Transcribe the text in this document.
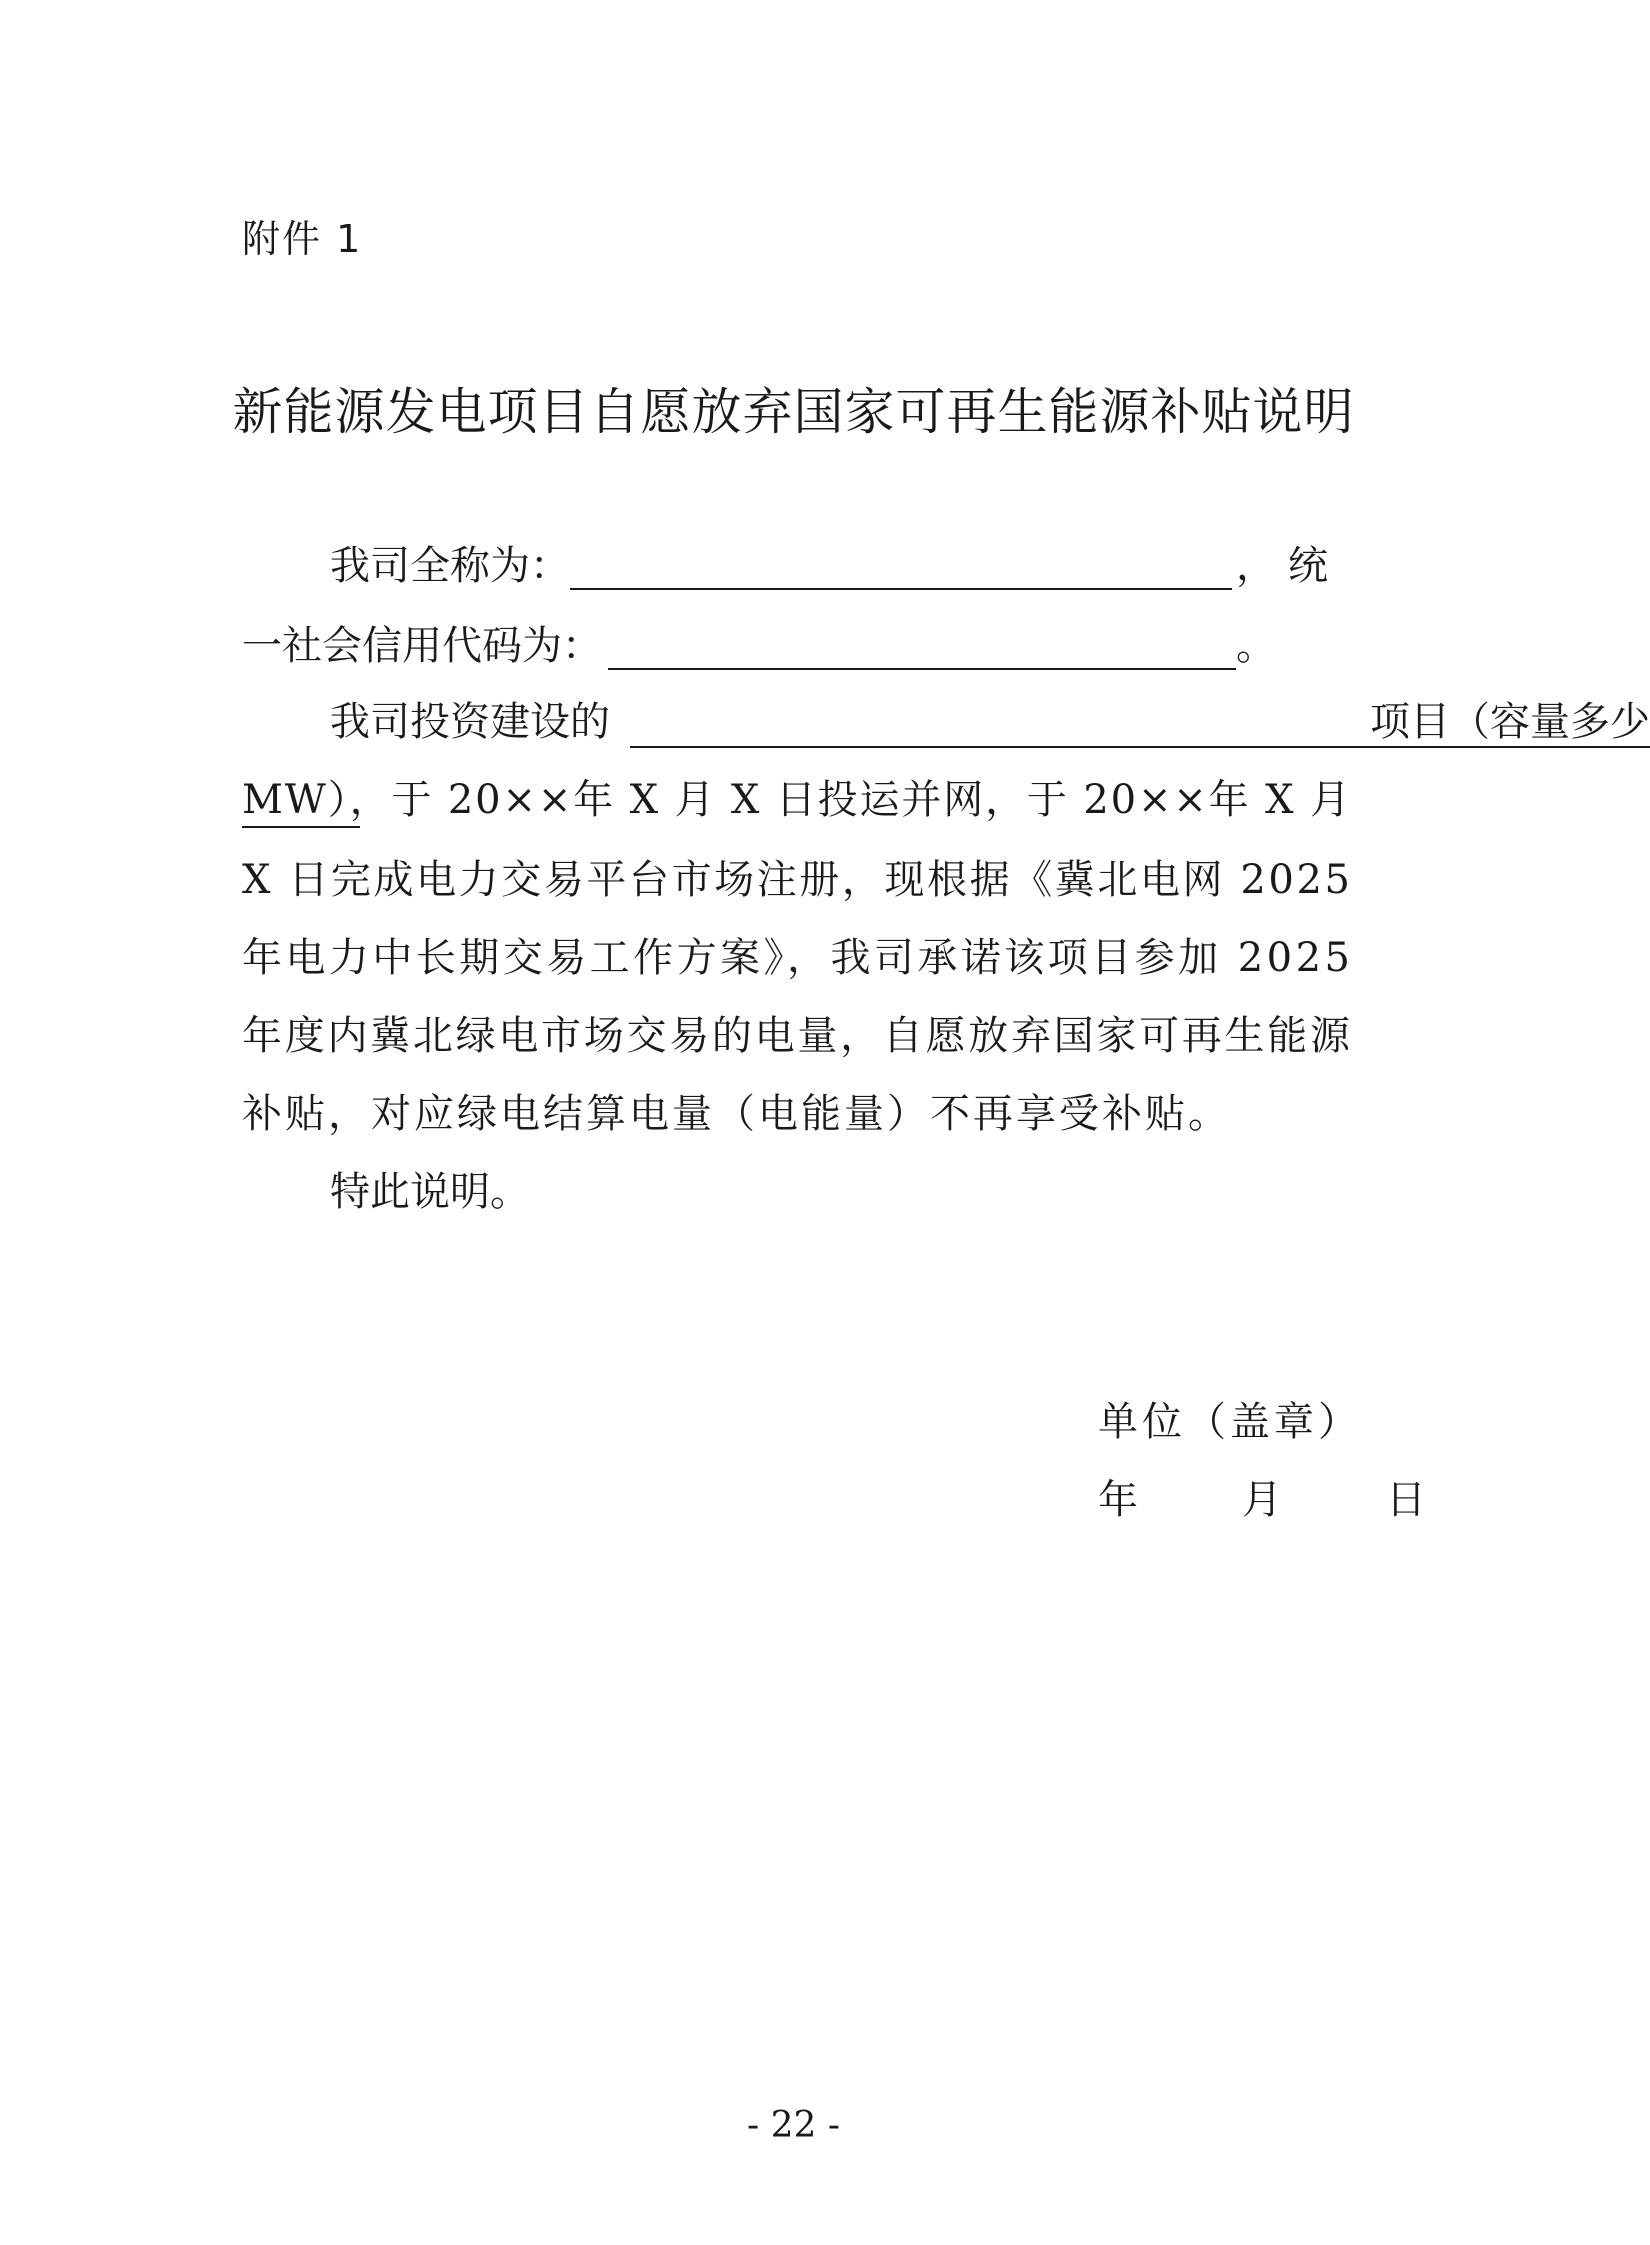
附件 1
新能源发电项目自愿放弃国家可再生能源补贴说明
我司全称为：	，统
一社会信用代码为：	。
我司投资建设的	项目（容量多少
MW），于 20××年 X 月 X 日投运并网，于 20××年 X 月
X 日完成电力交易平台市场注册，现根据《冀北电网 2025
年电力中长期交易工作方案》，我司承诺该项目参加 2025
年度内冀北绿电市场交易的电量，自愿放弃国家可再生能源
补贴，对应绿电结算电量（电能量）不再享受补贴。
特此说明。
单位（盖章）
年　　月　　日
- 22 -
